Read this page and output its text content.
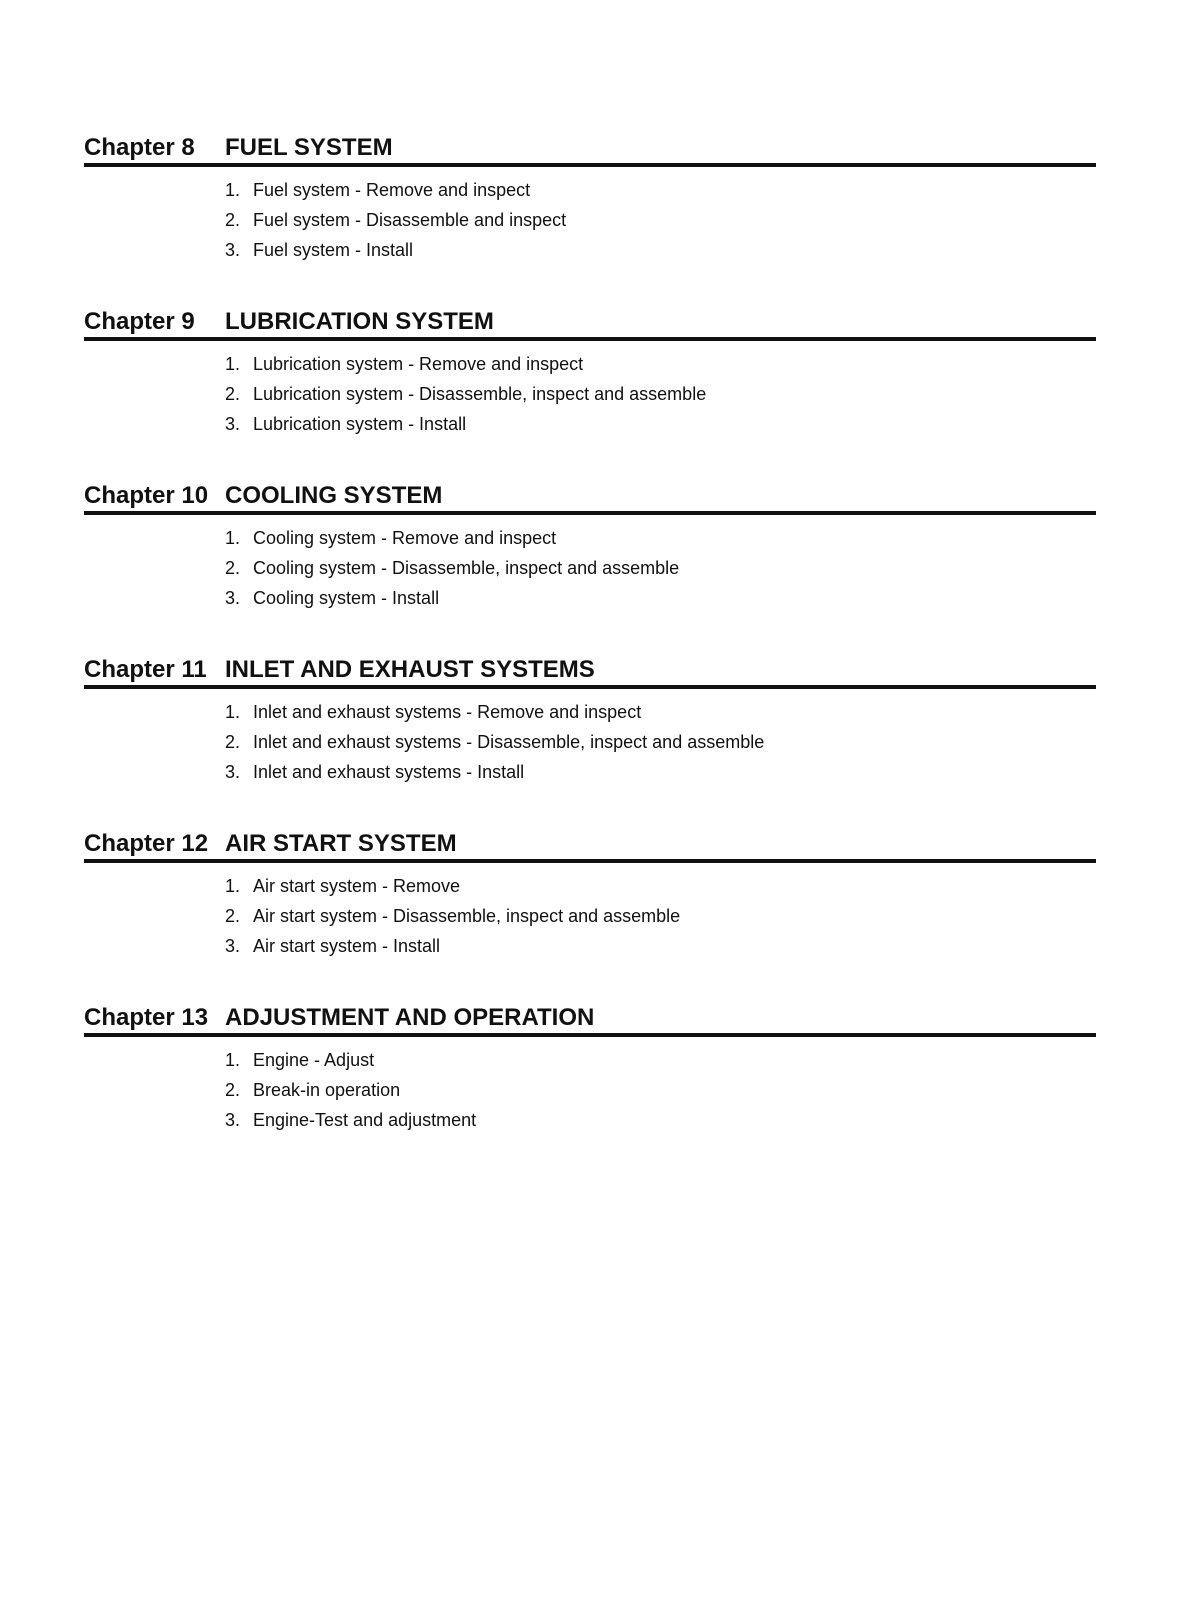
Chapter 8	FUEL SYSTEM
1. Fuel system - Remove and inspect
2. Fuel system - Disassemble and inspect
3. Fuel system - Install
Chapter 9	LUBRICATION SYSTEM
1. Lubrication system - Remove and inspect
2. Lubrication system - Disassemble, inspect and assemble
3. Lubrication system - Install
Chapter 10 COOLING SYSTEM
1. Cooling system - Remove and inspect
2. Cooling system - Disassemble, inspect and assemble
3. Cooling system - Install
Chapter 11 INLET AND EXHAUST SYSTEMS
1. Inlet and exhaust systems - Remove and inspect
2. Inlet and exhaust systems - Disassemble, inspect and assemble
3. Inlet and exhaust systems - Install
Chapter 12 AIR START SYSTEM
1. Air start system - Remove
2. Air start system - Disassemble, inspect and assemble
3. Air start system - Install
Chapter 13 ADJUSTMENT AND OPERATION
1. Engine - Adjust
2. Break-in operation
3. Engine-Test and adjustment
